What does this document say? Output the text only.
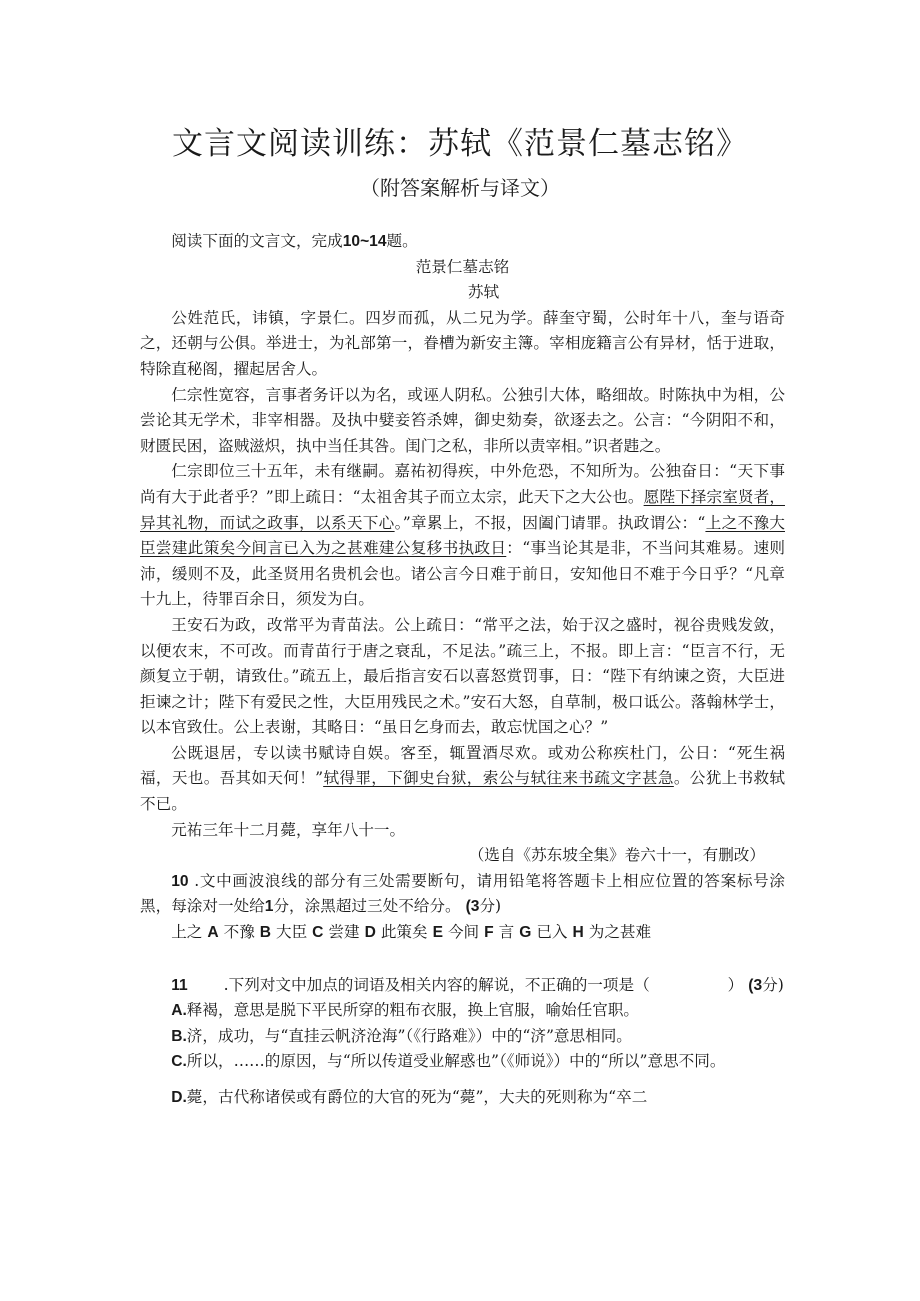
文言文阅读训练：苏轼《范景仁墓志铭》
（附答案解析与译文）

阅读下面的文言文，完成10~14题。

范景仁墓志铭

苏轼

公姓范氏，讳镇，字景仁。四岁而孤，从二兄为学。薛奎守蜀，公时年十八，奎与语奇之，还朝与公俱。举进士，为礼部第一，眷槽为新安主簿。宰相庞籍言公有异材，恬于进取，特除直秘阁，擢起居舍人。

仁宗性宽容，言事者务讦以为名，或诬人阴私。公独引大体，略细故。时陈执中为相，公尝论其无学术，非宰相器。及执中嬖妾笞杀婢，御史劾奏，欲逐去之。公言：“今阴阳不和，财匮民困，盗贼滋炽，执中当任其咎。闺门之私，非所以责宰相。”识者韪之。

仁宗即位三十五年，未有继嗣。嘉祐初得疾，中外危恐，不知所为。公独奋日：“天下事尚有大于此者乎？”即上疏日：“太祖舍其子而立太宗，此天下之大公也。愿陛下择宗室贤者，异其礼物，而试之政事，以系天下心。”章累上，不报，因阖门请罪。执政谓公：“上之不豫大臣尝建此策矣今间言已入为之甚难建公复移书执政日：“事当论其是非，不当问其难易。速则沛，缓则不及，此圣贤用名贵机会也。诸公言今日难于前日，安知他日不难于今日乎？“凡章十九上，待罪百余日，须发为白。

王安石为政，改常平为青苗法。公上疏日：“常平之法，始于汉之盛时，视谷贵贱发敛，以便农末，不可改。而青苗行于唐之衰乱，不足法。”疏三上，不报。即上言：“臣言不行，无颜复立于朝，请致仕。”疏五上，最后指言安石以喜怒赏罚事，日：“陛下有纳谏之资，大臣进拒谏之计；陛下有爱民之性，大臣用残民之术。”安石大怒，自草制，极口诋公。落翰林学士，以本官致仕。公上表谢，其略日：“虽日乞身而去，敢忘忧国之心？”

公既退居，专以读书赋诗自娱。客至，辄置酒尽欢。或劝公称疾杜门，公日：“死生祸福，天也。吾其如天何！”轼得罪，下御史台狱，索公与轼往来书疏文字甚急。公犹上书救轼不已。

元祐三年十二月薨，享年八十一。

（选自《苏东坡全集》卷六十一，有删改）

10 .文中画波浪线的部分有三处需要断句，请用铅笔将答题卡上相应位置的答案标号涂黑，每涂对一处给1分，涂黑超过三处不给分。 (3分)

上之 A 不豫 B 大臣 C 尝建 D 此策矣 E 今间 F 言 G 已入 H 为之甚难

11 .下列对文中加点的词语及相关内容的解说，不正确的一项是（	） (3分)

A.释褐，意思是脱下平民所穿的粗布衣服，换上官服，喻始任官职。

B.济，成功，与“直挂云帆济沧海”（《行路难》）中的“济”意思相同。

C.所以，……的原因，与“所以传道受业解惑也”（《师说》）中的“所以”意思不同。

D.薨，古代称诸侯或有爵位的大官的死为“薨”，大夫的死则称为“卒二
